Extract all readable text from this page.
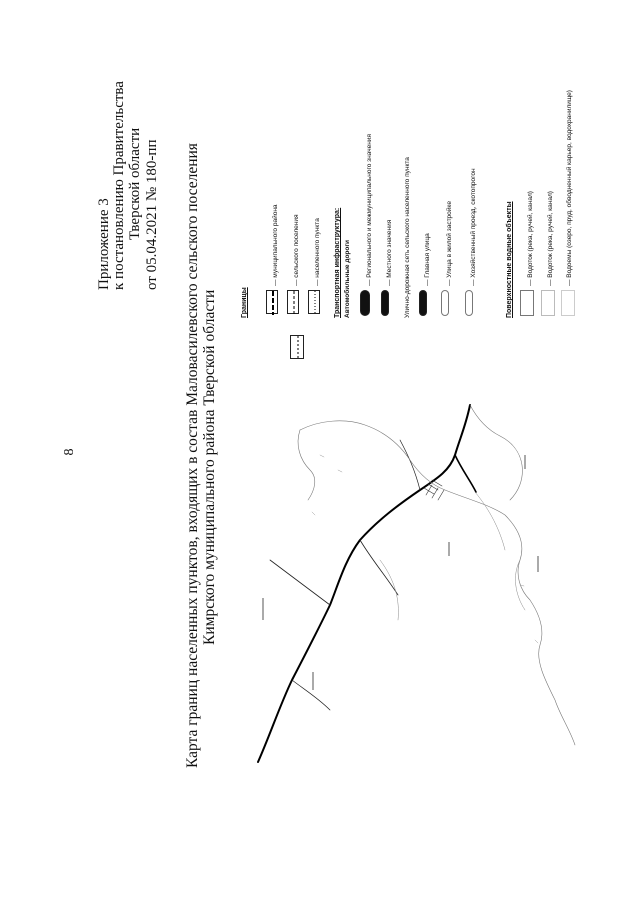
8
Приложение 3 к постановлению Правительства Тверской области от 05.04.2021 № 180-пп Карта границ населенных пунктов, входящих в состав Маловасилевского сельского поселения Кимрского муниципального района Тверской области	Границы
— муниципального района — сельского поселения — населенного пункта Транспортная инфраструктура: Автомобильные дороги — Регионального и межмуниципального значения — Местного значения Улично-дорожная сеть сельского населенного пункта — Главная улица — Улица в жилой застройке	— Хозяйственный проезд, скотопрогон	Поверхностные водные объекты — Водоток (река, ручей, канал) — Водоток (река, ручей, канал) — Водоемы (озеро, пруд, обводненный карьер, водохранилище)
